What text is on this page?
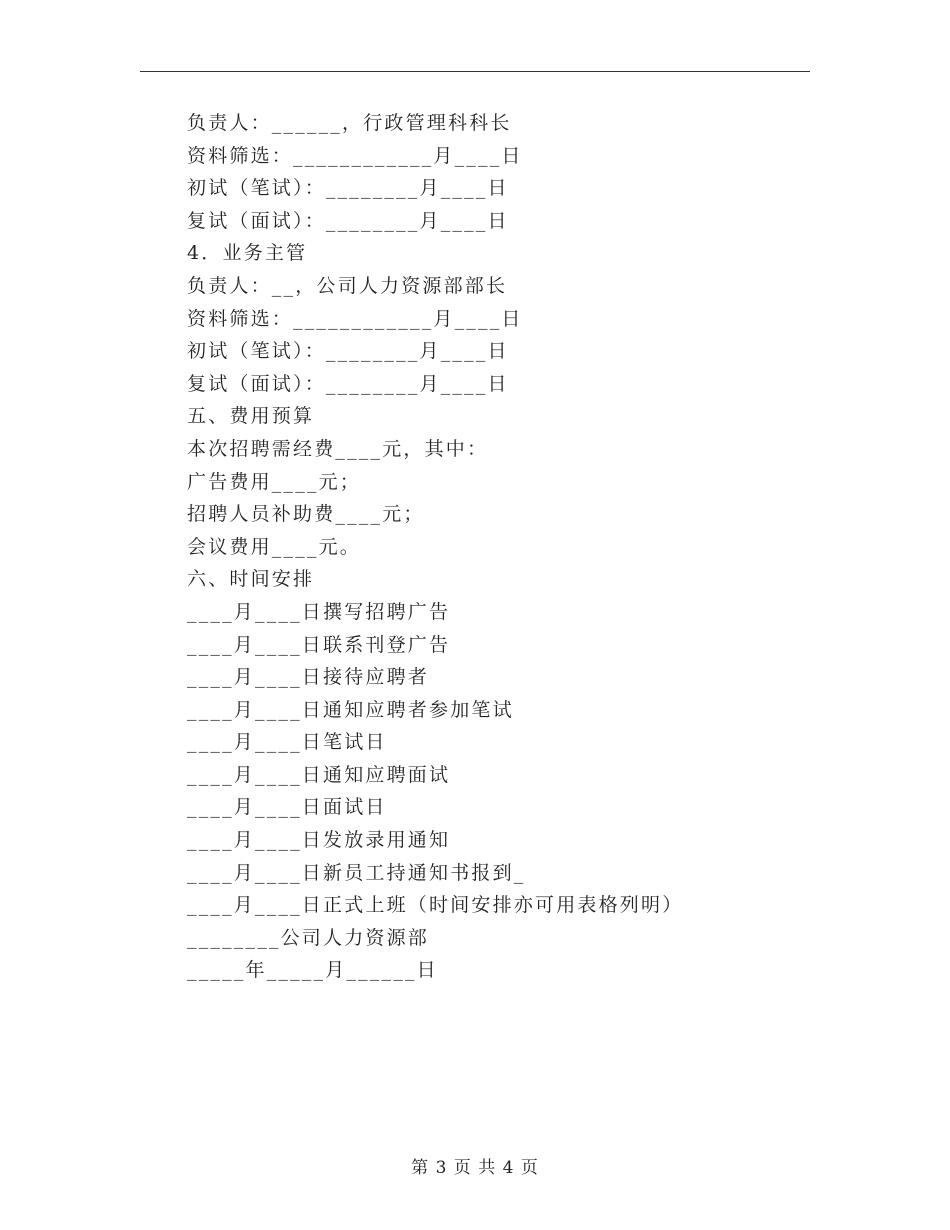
负责人：______，行政管理科科长
资料筛选：____________月____日
初试（笔试）：________月____日
复试（面试）：________月____日
4．业务主管
负责人：__，公司人力资源部部长
资料筛选：____________月____日
初试（笔试）：________月____日
复试（面试）：________月____日
五、费用预算
本次招聘需经费____元，其中：
广告费用____元；
招聘人员补助费____元；
会议费用____元。
六、时间安排
____月____日撰写招聘广告
____月____日联系刊登广告
____月____日接待应聘者
____月____日通知应聘者参加笔试
____月____日笔试日
____月____日通知应聘面试
____月____日面试日
____月____日发放录用通知
____月____日新员工持通知书报到_
____月____日正式上班（时间安排亦可用表格列明）
________公司人力资源部
_____年_____月______日
第 3 页 共 4 页
